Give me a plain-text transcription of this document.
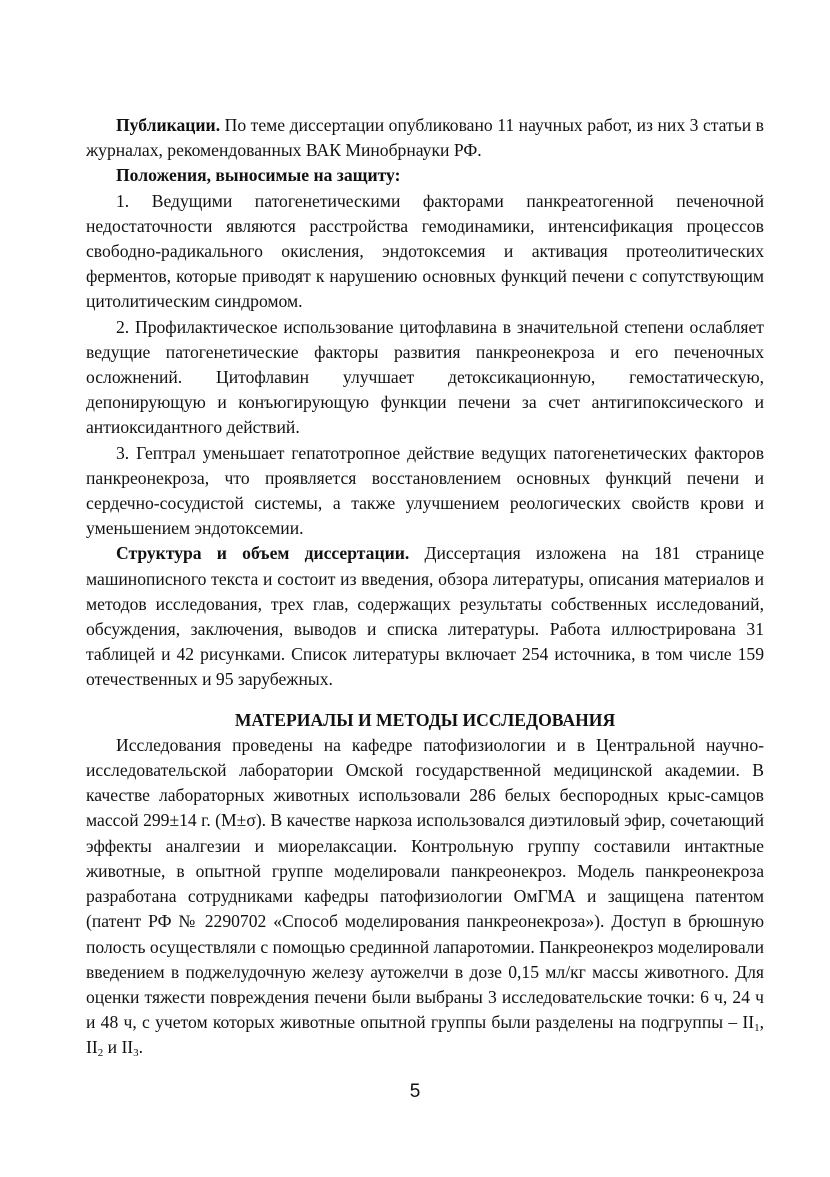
Публикации. По теме диссертации опубликовано 11 научных работ, из них 3 статьи в журналах, рекомендованных ВАК Минобрнауки РФ.

Положения, выносимые на защиту:

1. Ведущими патогенетическими факторами панкреатогенной печеночной недостаточности являются расстройства гемодинамики, интенсификация процессов свободно-радикального окисления, эндотоксемия и активация протеолитических ферментов, которые приводят к нарушению основных функций печени с сопутствующим цитолитическим синдромом.

2. Профилактическое использование цитофлавина в значительной степени ослабляет ведущие патогенетические факторы развития панкреонекроза и его печеночных осложнений. Цитофлавин улучшает детоксикационную, гемостатическую, депонирующую и конъюгирующую функции печени за счет антигипоксического и антиоксидантного действий.

3. Гептрал уменьшает гепатотропное действие ведущих патогенетических факторов панкреонекроза, что проявляется восстановлением основных функций печени и сердечно-сосудистой системы, а также улучшением реологических свойств крови и уменьшением эндотоксемии.

Структура и объем диссертации. Диссертация изложена на 181 странице машинописного текста и состоит из введения, обзора литературы, описания материалов и методов исследования, трех глав, содержащих результаты собственных исследований, обсуждения, заключения, выводов и списка литературы. Работа иллюстрирована 31 таблицей и 42 рисунками. Список литературы включает 254 источника, в том числе 159 отечественных и 95 зарубежных.

МАТЕРИАЛЫ И МЕТОДЫ ИССЛЕДОВАНИЯ

Исследования проведены на кафедре патофизиологии и в Центральной научно-исследовательской лаборатории Омской государственной медицинской академии. В качестве лабораторных животных использовали 286 белых беспородных крыс-самцов массой 299±14 г. (M±σ). В качестве наркоза использовался диэтиловый эфир, сочетающий эффекты аналгезии и миорелаксации. Контрольную группу составили интактные животные, в опытной группе моделировали панкреонекроз. Модель панкреонекроза разработана сотрудниками кафедры патофизиологии ОмГМА и защищена патентом (патент РФ № 2290702 «Способ моделирования панкреонекроза»). Доступ в брюшную полость осуществляли с помощью срединной лапаротомии. Панкреонекроз моделировали введением в поджелудочную железу аутожелчи в дозе 0,15 мл/кг массы животного. Для оценки тяжести повреждения печени были выбраны 3 исследовательские точки: 6 ч, 24 ч и 48 ч, с учетом которых животные опытной группы были разделены на подгруппы – $II_1$, $II_2$ и $II_3$.

5
